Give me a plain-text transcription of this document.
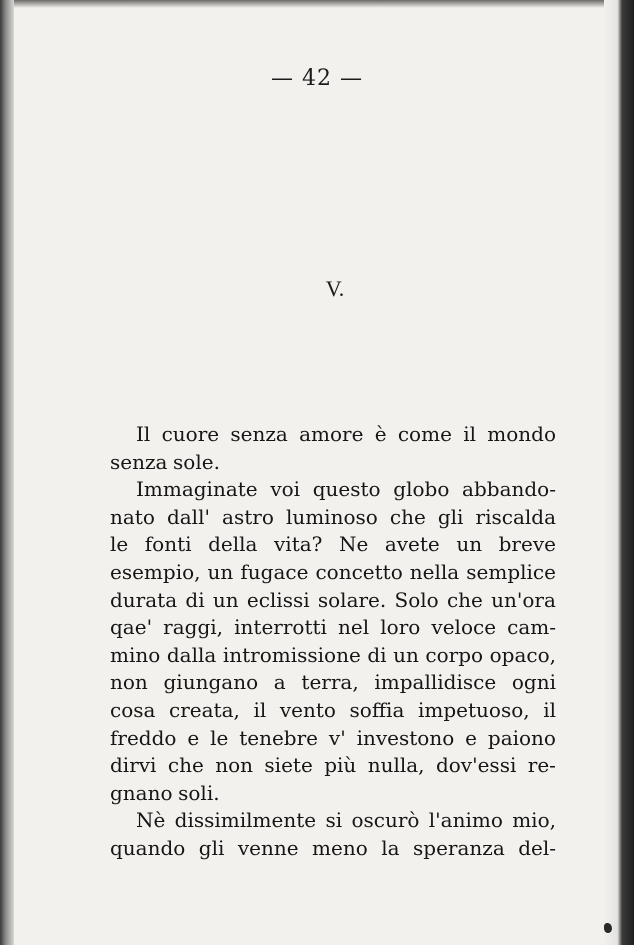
— 42 —
V.
Il cuore senza amore è come il mondo
senza sole.
Immaginate voi questo globo abbando-
nato dall' astro luminoso che gli riscalda
le fonti della vita? Ne avete un breve
esempio, un fugace concetto nella semplice
durata di un eclissi solare. Solo che un'ora
qae' raggi, interrotti nel loro veloce cam-
mino dalla intromissione di un corpo opaco,
non giungano a terra, impallidisce ogni
cosa creata, il vento soffia impetuoso, il
freddo e le tenebre v' investono e paiono
dirvi che non siete più nulla, dov'essi re-
gnano soli.
Nè dissimilmente si oscurò l'animo mio,
quando gli venne meno la speranza del-
